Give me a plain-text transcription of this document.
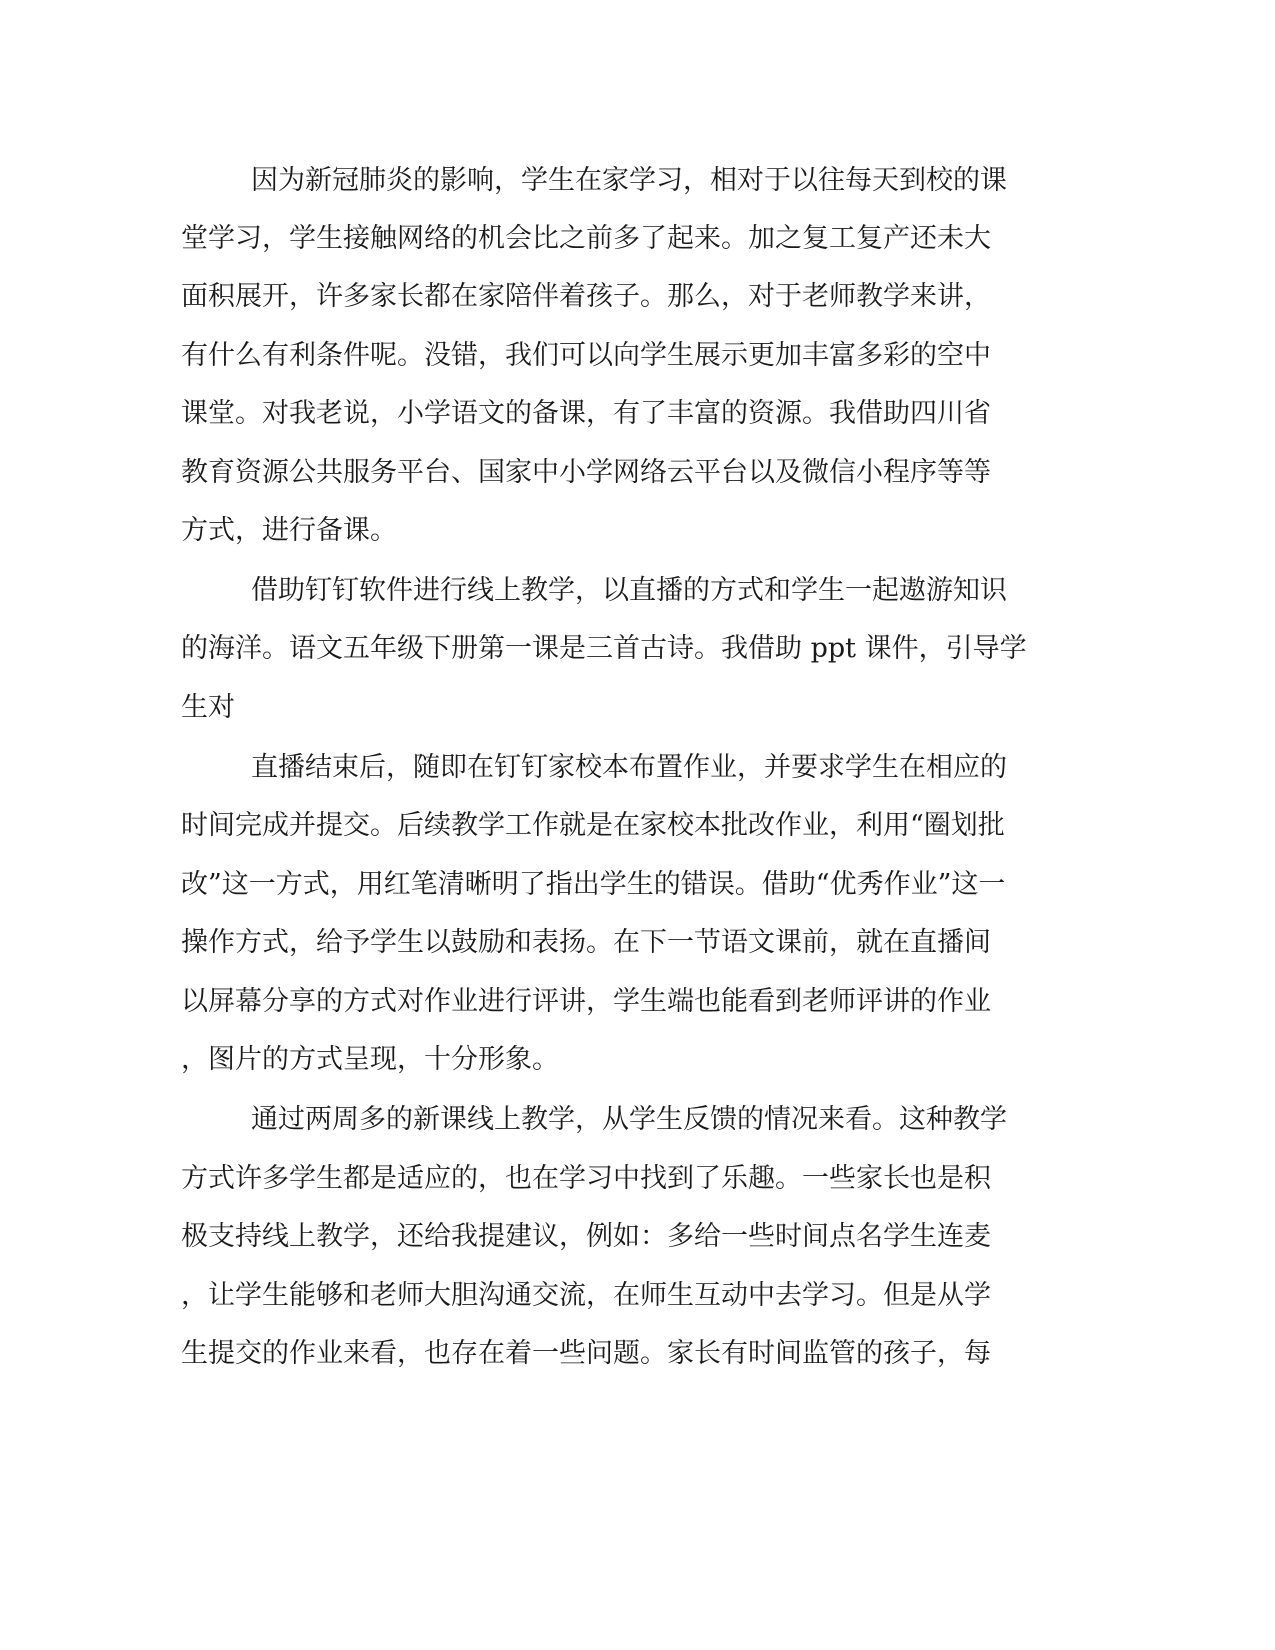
因为新冠肺炎的影响，学生在家学习，相对于以往每天到校的课
堂学习，学生接触网络的机会比之前多了起来。加之复工复产还未大
面积展开，许多家长都在家陪伴着孩子。那么，对于老师教学来讲，
有什么有利条件呢。没错，我们可以向学生展示更加丰富多彩的空中
课堂。对我老说，小学语文的备课，有了丰富的资源。我借助四川省
教育资源公共服务平台、国家中小学网络云平台以及微信小程序等等
方式，进行备课。
借助钉钉软件进行线上教学，以直播的方式和学生一起遨游知识
的海洋。语文五年级下册第一课是三首古诗。我借助 ppt 课件，引导学
生对
直播结束后，随即在钉钉家校本布置作业，并要求学生在相应的
时间完成并提交。后续教学工作就是在家校本批改作业，利用“圈划批
改”这一方式，用红笔清晰明了指出学生的错误。借助“优秀作业”这一
操作方式，给予学生以鼓励和表扬。在下一节语文课前，就在直播间
以屏幕分享的方式对作业进行评讲，学生端也能看到老师评讲的作业
，图片的方式呈现，十分形象。
通过两周多的新课线上教学，从学生反馈的情况来看。这种教学
方式许多学生都是适应的，也在学习中找到了乐趣。一些家长也是积
极支持线上教学，还给我提建议，例如：多给一些时间点名学生连麦
，让学生能够和老师大胆沟通交流，在师生互动中去学习。但是从学
生提交的作业来看，也存在着一些问题。家长有时间监管的孩子，每
